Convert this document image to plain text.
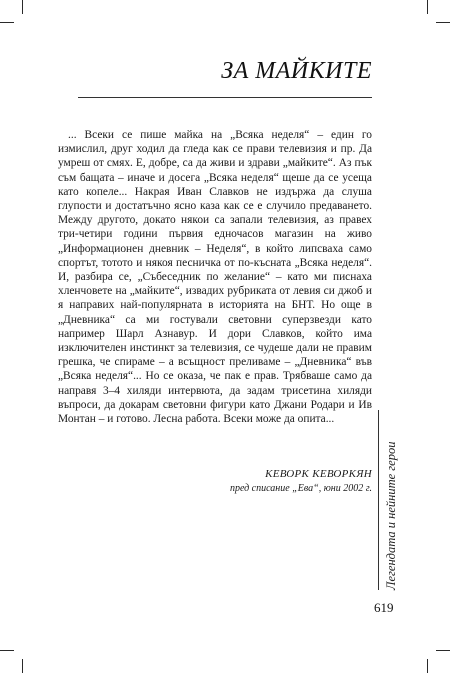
ЗА МАЙКИТЕ

... Всеки се пише майка на „Всяка неделя“ – един го измислил, друг ходил да гледа как се прави телевизия и пр. Да умреш от смях. Е, добре, са да живи и здрави „майките“. Аз пък съм бащата – иначе и досега „Всяка неделя“ щеше да се усеща като копеле... Накрая Иван Славков не издържа да слуша глупости и достатъчно ясно каза как се е случило предаването. Между другото, докато някои са запали телевизия, аз правех три-четири години първия едночасов магазин на живо „Информационен дневник – Неделя“, в който липсваха само спортът, тотото и някоя песничка от по-късната „Всяка неделя“. И, разбира се, „Събеседник по желание“ – като ми писнаха хленчовете на „майките“, извадих рубриката от левия си джоб и я направих най-популярната в историята на БНТ. Но още в „Дневника“ са ми гостували световни суперзвезди като например Шарл Азнавур. И дори Славков, който има изключителен инстинкт за телевизия, се чудеше дали не правим грешка, че спираме – а всъщност преливаме – „Дневника“ във „Всяка неделя“... Но се оказа, че пак е прав. Трябваше само да направя 3–4 хиляди интервюта, да задам трисетина хиляди въпроси, да докарам световни фигури като Джани Родари и Ив Монтан – и готово. Лесна работа. Всеки може да опита...

КЕВОРК КЕВОРКЯН
пред списание „Ева“, юни 2002 г. Легендата и нейните герои
619
